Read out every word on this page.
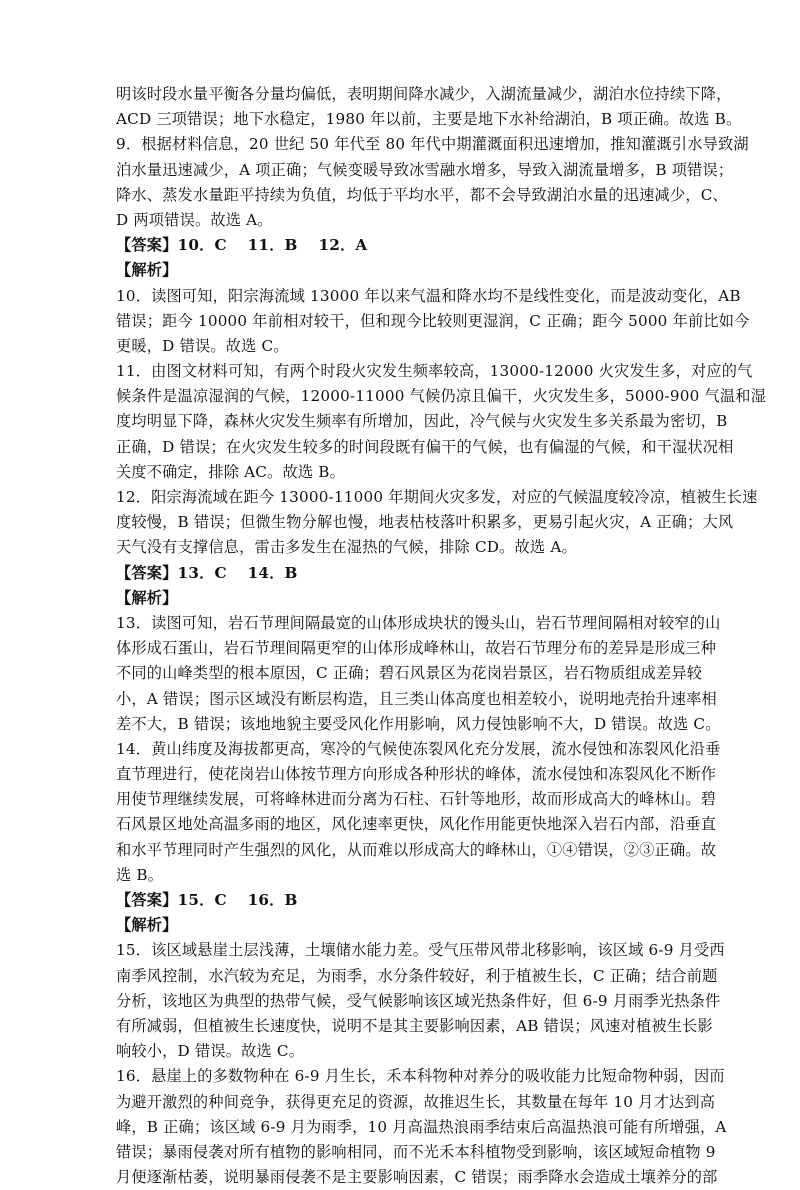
明该时段水量平衡各分量均偏低，表明期间降水减少，入湖流量减少，湖泊水位持续下降，
ACD 三项错误；地下水稳定，1980 年以前，主要是地下水补给湖泊，B 项正确。故选 B。
9．根据材料信息，20 世纪 50 年代至 80 年代中期灌溉面积迅速增加，推知灌溉引水导致湖
泊水量迅速减少，A 项正确；气候变暖导致冰雪融水增多，导致入湖流量增多，B 项错误；
降水、蒸发水量距平持续为负值，均低于平均水平，都不会导致湖泊水量的迅速减少，C、
D 两项错误。故选 A。
【答案】10．C　 11．B　 12．A
【解析】
10．读图可知，阳宗海流域 13000 年以来气温和降水均不是线性变化，而是波动变化，AB
错误；距今 10000 年前相对较干，但和现今比较则更湿润，C 正确；距今 5000 年前比如今
更暖，D 错误。故选 C。
11．由图文材料可知，有两个时段火灾发生频率较高，13000-12000 火灾发生多，对应的气
候条件是温凉湿润的气候，12000-11000 气候仍凉且偏干，火灾发生多，5000-900 气温和湿
度均明显下降，森林火灾发生频率有所增加，因此，冷气候与火灾发生多关系最为密切，B
正确，D 错误；在火灾发生较多的时间段既有偏干的气候，也有偏湿的气候，和干湿状况相
关度不确定，排除 AC。故选 B。
12．阳宗海流域在距今 13000-11000 年期间火灾多发，对应的气候温度较冷凉，植被生长速
度较慢，B 错误；但微生物分解也慢，地表枯枝落叶积累多，更易引起火灾，A 正确；大风
天气没有支撑信息，雷击多发生在湿热的气候，排除 CD。故选 A。
【答案】13．C　 14．B
【解析】
13．读图可知，岩石节理间隔最宽的山体形成块状的馒头山，岩石节理间隔相对较窄的山
体形成石蛋山，岩石节理间隔更窄的山体形成峰林山，故岩石节理分布的差异是形成三种
不同的山峰类型的根本原因，C 正确；碧石风景区为花岗岩景区，岩石物质组成差异较
小，A 错误；图示区域没有断层构造，且三类山体高度也相差较小，说明地壳抬升速率相
差不大，B 错误；该地地貌主要受风化作用影响，风力侵蚀影响不大，D 错误。故选 C。
14．黄山纬度及海拔都更高，寒冷的气候使冻裂风化充分发展，流水侵蚀和冻裂风化沿垂
直节理进行，使花岗岩山体按节理方向形成各种形状的峰体，流水侵蚀和冻裂风化不断作
用使节理继续发展，可将峰林进而分离为石柱、石针等地形，故而形成高大的峰林山。碧
石风景区地处高温多雨的地区，风化速率更快，风化作用能更快地深入岩石内部，沿垂直
和水平节理同时产生强烈的风化，从而难以形成高大的峰林山，①④错误，②③正确。故
选 B。
【答案】15．C　 16．B
【解析】
15．该区域悬崖土层浅薄，土壤储水能力差。受气压带风带北移影响，该区域 6-9 月受西
南季风控制，水汽较为充足，为雨季，水分条件较好，利于植被生长，C 正确；结合前题
分析，该地区为典型的热带气候，受气候影响该区域光热条件好，但 6-9 月雨季光热条件
有所减弱，但植被生长速度快，说明不是其主要影响因素，AB 错误；风速对植被生长影
响较小，D 错误。故选 C。
16．悬崖上的多数物种在 6-9 月生长，禾本科物种对养分的吸收能力比短命物种弱，因而
为避开激烈的种间竞争，获得更充足的资源，故推迟生长，其数量在每年 10 月才达到高
峰，B 正确；该区域 6-9 月为雨季，10 月高温热浪雨季结束后高温热浪可能有所增强，A
错误；暴雨侵袭对所有植物的影响相同，而不光禾本科植物受到影响，该区域短命植物 9
月便逐渐枯萎，说明暴雨侵袭不是主要影响因素，C 错误；雨季降水会造成土壤养分的部
